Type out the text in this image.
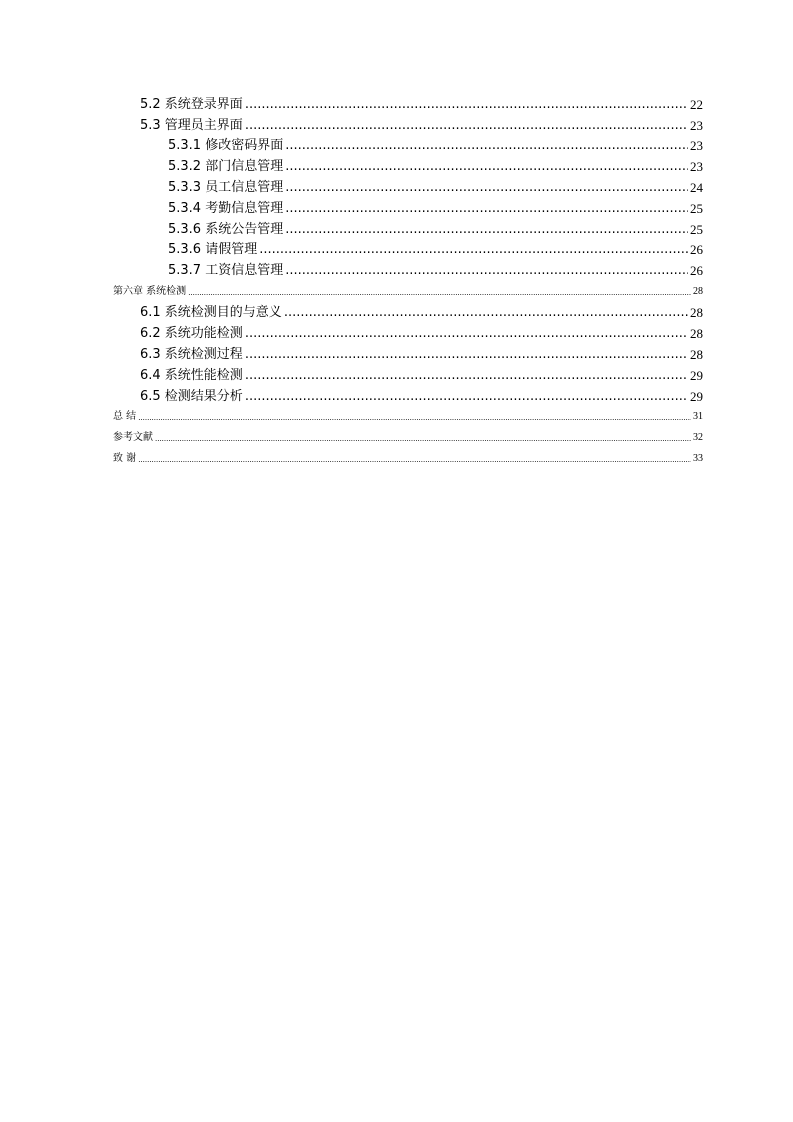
5.2 系统登录界面 .....	22
5.3 管理员主界面 .....	23
5.3.1 修改密码界面 .....	23
5.3.2 部门信息管理 .....	23
5.3.3 员工信息管理 .....	24
5.3.4 考勤信息管理 .....	25
5.3.6 系统公告管理 .....	25
5.3.6 请假管理 .....	26
5.3.7 工资信息管理 .....	26
第六章 系统检测 .....	28
6.1 系统检测目的与意义 .....	28
6.2 系统功能检测 .....	28
6.3 系统检测过程 .....	28
6.4 系统性能检测 .....	29
6.5 检测结果分析 .....	29
总 结 .....	31
参考文献 .....	32
致 谢 .....	33
